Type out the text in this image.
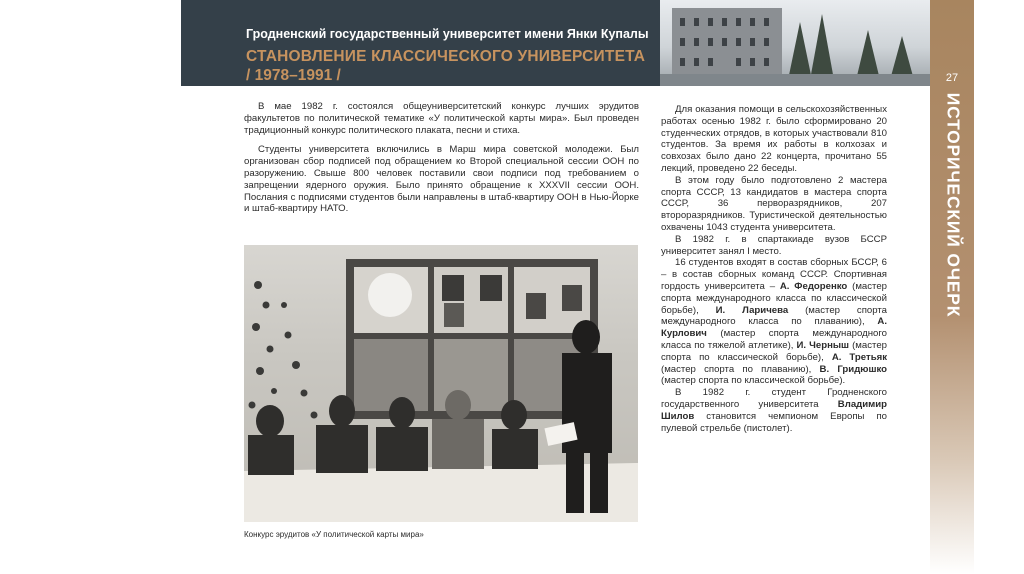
Гродненский государственный университет имени Янки Купалы
СТАНОВЛЕНИЕ КЛАССИЧЕСКОГО УНИВЕРСИТЕТА
/ 1978–1991 /	27
ИСТОРИЧЕСКИЙ ОЧЕРК

В мае 1982 г. состоялся общеуниверситетский конкурс лучших эрудитов факультетов по политической тематике «У политической карты мира». Был проведен традиционный конкурс политического плаката, песни и стиха.

Студенты университета включились в Марш мира советской молодежи. Был организован сбор подписей под обращением ко Второй специальной сессии ООН по разоружению. Свыше 800 человек поставили свои подписи под требованием о запрещении ядерного оружия. Было принято обращение к XXXVII сессии ООН. Послания с подписями студентов были направлены в штаб-квартиру ООН в Нью-Йорке и штаб-квартиру НАТО.

Для оказания помощи в сельскохозяйственных работах осенью 1982 г. было сформировано 20 студенческих отрядов, в которых участвовали 810 студентов. За время их работы в колхозах и совхозах было дано 22 концерта, прочитано 55 лекций, проведено 22 беседы.

В этом году было подготовлено 2 мастера спорта СССР, 13 кандидатов в мастера спорта СССР, 36 перворазрядников, 207 второразрядников. Туристической деятельностью охвачены 1043 студента университета.

В 1982 г. в спартакиаде вузов БССР университет занял I место.

16 студентов входят в состав сборных БССР, 6 – в состав сборных команд СССР. Спортивная гордость университета – А. Федоренко (мастер спорта международного класса по классической борьбе), И. Ларичева (мастер спорта международного класса по плаванию), А. Курлович (мастер спорта международного класса по тяжелой атлетике), И. Черныш (мастер спорта по классической борьбе), А. Третьяк (мастер спорта по плаванию), В. Гридюшко (мастер спорта по классической борьбе).

В 1982 г. студент Гродненского государственного университета Владимир Шилов становится чемпионом Европы по пулевой стрельбе (пистолет).

Конкурс эрудитов «У политической карты мира»
